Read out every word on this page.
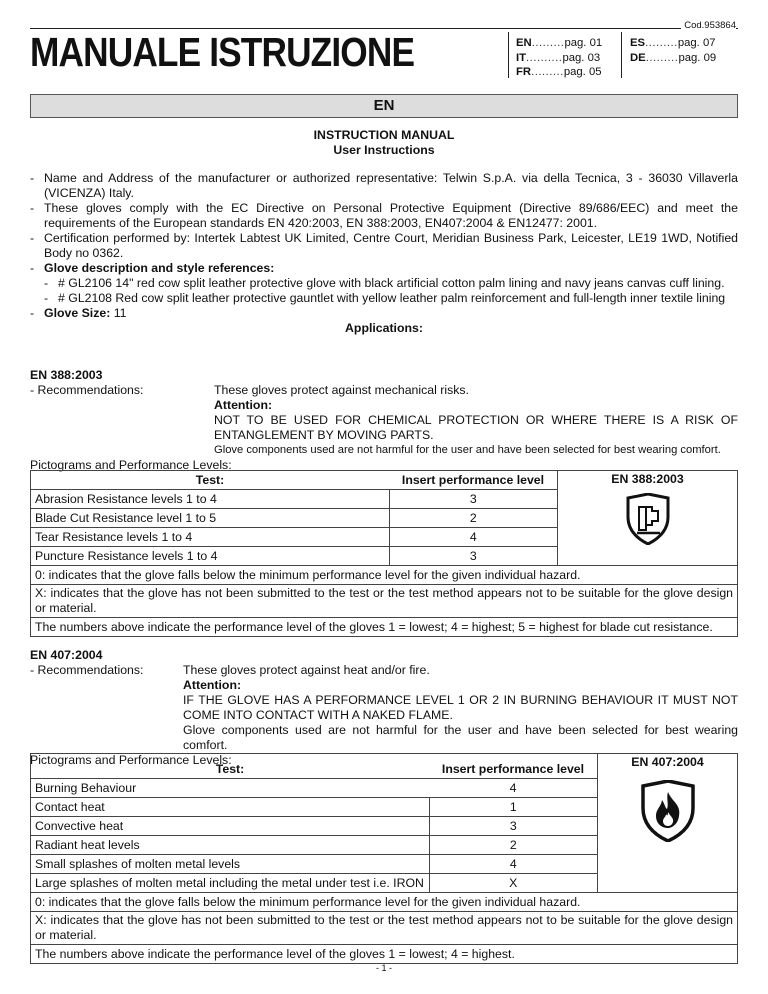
Cod.953864
MANUALE ISTRUZIONE	EN ......... pag. 01
IT .......... pag. 03
FR ......... pag. 05
ES ......... pag. 07
DE ......... pag. 09
EN
INSTRUCTION MANUAL
User Instructions
- Name and Address of the manufacturer or authorized representative: Telwin S.p.A. via della Tecnica, 3 - 36030 Villaverla (VICENZA) Italy.
- These gloves comply with the EC Directive on Personal Protective Equipment (Directive 89/686/EEC) and meet the requirements of the European standards EN 420:2003, EN 388:2003, EN407:2004 & EN12477: 2001.
- Certification performed by: Intertek Labtest UK Limited, Centre Court, Meridian Business Park, Leicester, LE19 1WD, Notified Body no 0362.
- Glove description and style references:
- # GL2106 14" red cow split leather protective glove with black artificial cotton palm lining and navy jeans canvas cuff lining.
- # GL2108 Red cow split leather protective gauntlet with yellow leather palm reinforcement and full-length inner textile lining
- Glove Size: 11
Applications:
EN 388:2003
- Recommendations:	These gloves protect against mechanical risks.
Attention:
NOT TO BE USED FOR CHEMICAL PROTECTION OR WHERE THERE IS A RISK OF ENTANGLEMENT BY MOVING PARTS.
Glove components used are not harmful for the user and have been selected for best wearing comfort.
Pictograms and Performance Levels:
Test:	Insert performance level	EN 388:2003

Abrasion Resistance levels 1 to 4	3	
Blade Cut Resistance level 1 to 5	2	
Tear Resistance levels 1 to 4	4	
Puncture Resistance levels 1 to 4	3	
0: indicates that the glove falls below the minimum performance level for the given individual hazard.		
X: indicates that the glove has not been submitted to the test or the test method appears not to be suitable for the glove design or material.		
The numbers above indicate the performance level of the gloves 1 = lowest; 4 = highest; 5 = highest for blade cut resistance.		
EN 407:2004
- Recommendations:	These gloves protect against heat and/or fire.
Attention:
IF THE GLOVE HAS A PERFORMANCE LEVEL 1 OR 2 IN BURNING BEHAVIOUR IT MUST NOT COME INTO CONTACT WITH A NAKED FLAME.
Glove components used are not harmful for the user and have been selected for best wearing comfort.
Pictograms and Performance Levels:
Test:	Insert performance level	EN 407:2004

Burning Behaviour	4	
Contact heat	1	
Convective heat	3	
Radiant heat levels	2	
Small splashes of molten metal levels	4	
Large splashes of molten metal including the metal under test i.e. IRON	X	
0: indicates that the glove falls below the minimum performance level for the given individual hazard.		
X: indicates that the glove has not been submitted to the test or the test method appears not to be suitable for the glove design or material.		
The numbers above indicate the performance level of the gloves 1 = lowest; 4 = highest.		
- 1 -
